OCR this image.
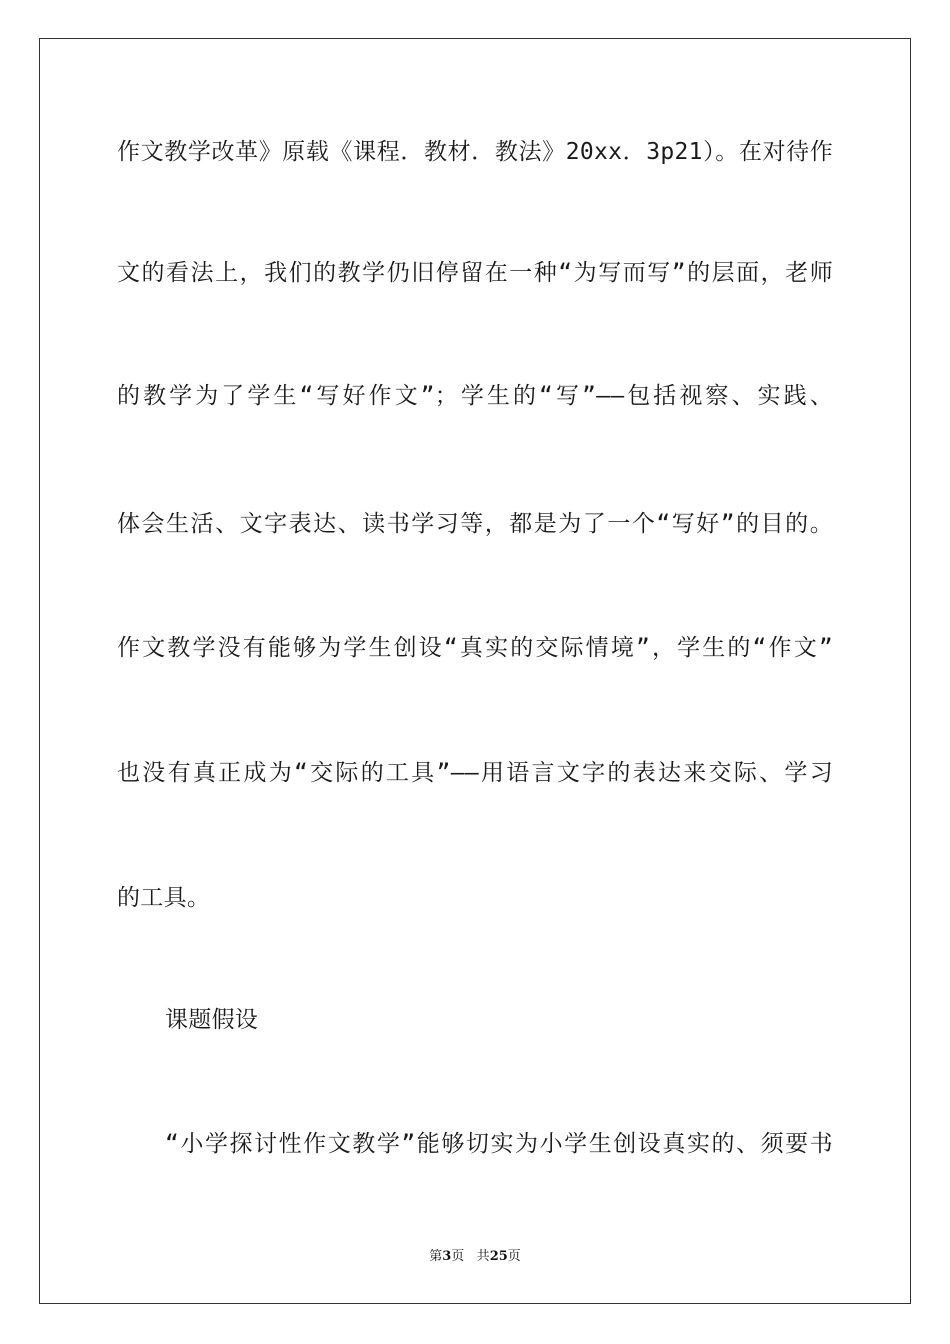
作文教学改革》原载《课程．教材．教法》20xx．3p21）。在对待作
文的看法上，我们的教学仍旧停留在一种“为写而写”的层面，老师
的教学为了学生“写好作文”；学生的“写”——包括视察、实践、
体会生活、文字表达、读书学习等，都是为了一个“写好”的目的。
作文教学没有能够为学生创设“真实的交际情境”，学生的“作文”
也没有真正成为“交际的工具”——用语言文字的表达来交际、学习
的工具。
课题假设
“小学探讨性作文教学”能够切实为小学生创设真实的、须要书
第3页 共25页
